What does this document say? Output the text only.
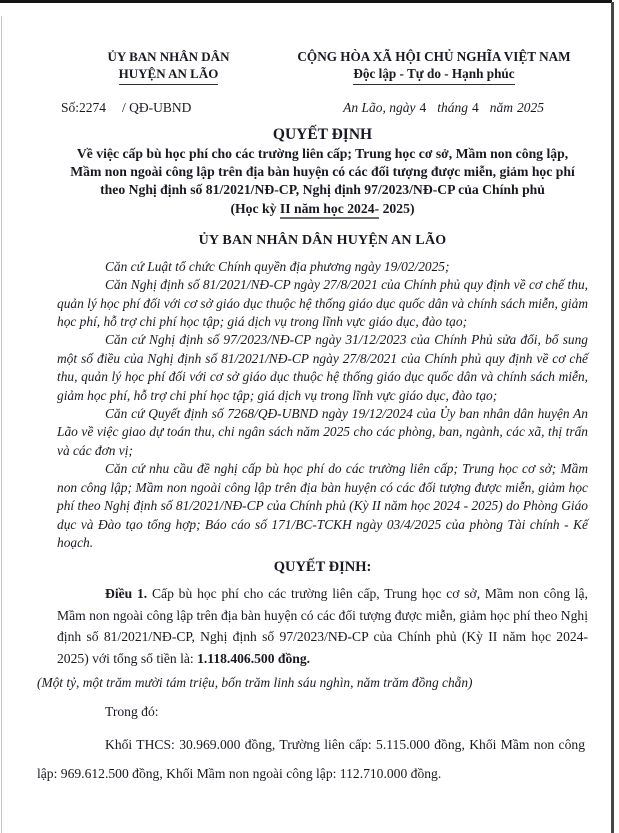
ỦY BAN NHÂN DÂN
HUYỆN AN LÃO
CỘNG HÒA XÃ HỘI CHỦ NGHĨA VIỆT NAM
Độc lập - Tự do - Hạnh phúc
Số:2274 / QĐ-UBND	An Lão, ngày 4 tháng 4 năm 2025
QUYẾT ĐỊNH
Về việc cấp bù học phí cho các trường liên cấp; Trung học cơ sở, Mầm non công lập,
Mầm non ngoài công lập trên địa bàn huyện có các đối tượng được miễn, giảm học phí
theo Nghị định số 81/2021/NĐ-CP, Nghị định 97/2023/NĐ-CP của Chính phủ
(Học kỳ II năm học 2024- 2025)
ỦY BAN NHÂN DÂN HUYỆN AN LÃO

Căn cứ Luật tổ chức Chính quyền địa phương ngày 19/02/2025;

Căn Nghị định số 81/2021/NĐ-CP ngày 27/8/2021 của Chính phủ quy định về cơ chế thu, quản lý học phí đối với cơ sở giáo dục thuộc hệ thống giáo dục quốc dân và chính sách miễn, giảm học phí, hỗ trợ chi phí học tập; giá dịch vụ trong lĩnh vực giáo dục, đào tạo;

Căn cứ Nghị định số 97/2023/NĐ-CP ngày 31/12/2023 của Chính Phủ sửa đổi, bổ sung một số điều của Nghị định số 81/2021/NĐ-CP ngày 27/8/2021 của Chính phủ quy định về cơ chế thu, quản lý học phí đối với cơ sở giáo dục thuộc hệ thống giáo dục quốc dân và chính sách miễn, giảm học phí, hỗ trợ chi phí học tập; giá dịch vụ trong lĩnh vực giáo dục, đào tạo;

Căn cứ Quyết định số 7268/QĐ-UBND ngày 19/12/2024 của Ủy ban nhân dân huyện An Lão về việc giao dự toán thu, chi ngân sách năm 2025 cho các phòng, ban, ngành, các xã, thị trấn và các đơn vị;

Căn cứ nhu cầu đề nghị cấp bù học phí do các trường liên cấp; Trung học cơ sở; Mầm non công lập; Mầm non ngoài công lập trên địa bàn huyện có các đối tượng được miễn, giảm học phí theo Nghị định số 81/2021/NĐ-CP của Chính phủ (Kỳ II năm học 2024 - 2025) do Phòng Giáo dục và Đào tạo tổng hợp; Báo cáo số 171/BC-TCKH ngày 03/4/2025 của phòng Tài chính - Kế hoạch.

QUYẾT ĐỊNH:

Điều 1. Cấp bù học phí cho các trường liên cấp, Trung học cơ sở, Mầm non công lậ, Mầm non ngoài công lập trên địa bàn huyện có các đối tượng được miễn, giảm học phí theo Nghị định số 81/2021/NĐ-CP, Nghị định số 97/2023/NĐ-CP của Chính phủ (Kỳ II năm học 2024-2025) với tổng số tiền là: 1.118.406.500 đồng.

(Một tỷ, một trăm mười tám triệu, bốn trăm linh sáu nghìn, năm trăm đồng chẵn)

Trong đó:

Khối THCS: 30.969.000 đồng, Trường liên cấp: 5.115.000 đồng, Khối Mầm non công lập: 969.612.500 đồng, Khối Mầm non ngoài công lập: 112.710.000 đồng.
